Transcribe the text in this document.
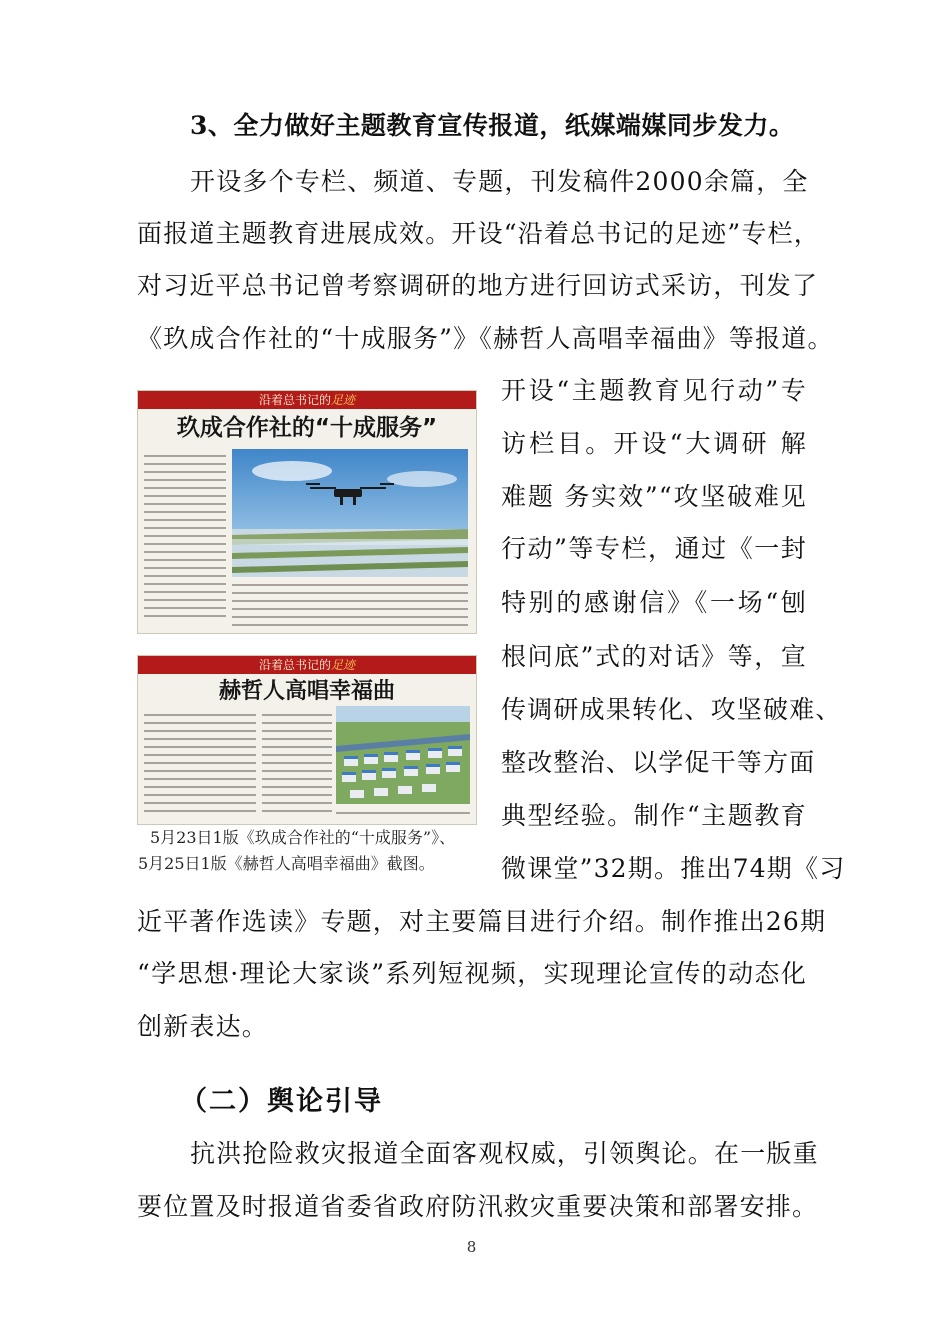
3、全力做好主题教育宣传报道，纸媒端媒同步发力。
开设多个专栏、频道、专题，刊发稿件2000余篇，全
面报道主题教育进展成效。开设“沿着总书记的足迹”专栏，
对习近平总书记曾考察调研的地方进行回访式采访，刊发了
《玖成合作社的“十成服务”》《赫哲人高唱幸福曲》等报道。
沿着总书记的足迹
玖成合作社的“十成服务”
沿着总书记的足迹
赫哲人高唱幸福曲
开设“主题教育见行动”专
访栏目。开设“大调研 解
难题 务实效”“攻坚破难见
行动”等专栏，通过《一封
特别的感谢信》《一场“刨
根问底”式的对话》等，宣
传调研成果转化、攻坚破难、
整改整治、以学促干等方面
典型经验。制作“主题教育
微课堂”32期。推出74期《习
5月23日1版《玖成合作社的“十成服务”》、
5月25日1版《赫哲人高唱幸福曲》截图。
近平著作选读》专题，对主要篇目进行介绍。制作推出26期
“学思想·理论大家谈”系列短视频，实现理论宣传的动态化
创新表达。
（二）舆论引导
抗洪抢险救灾报道全面客观权威，引领舆论。在一版重
要位置及时报道省委省政府防汛救灾重要决策和部署安排。
8
